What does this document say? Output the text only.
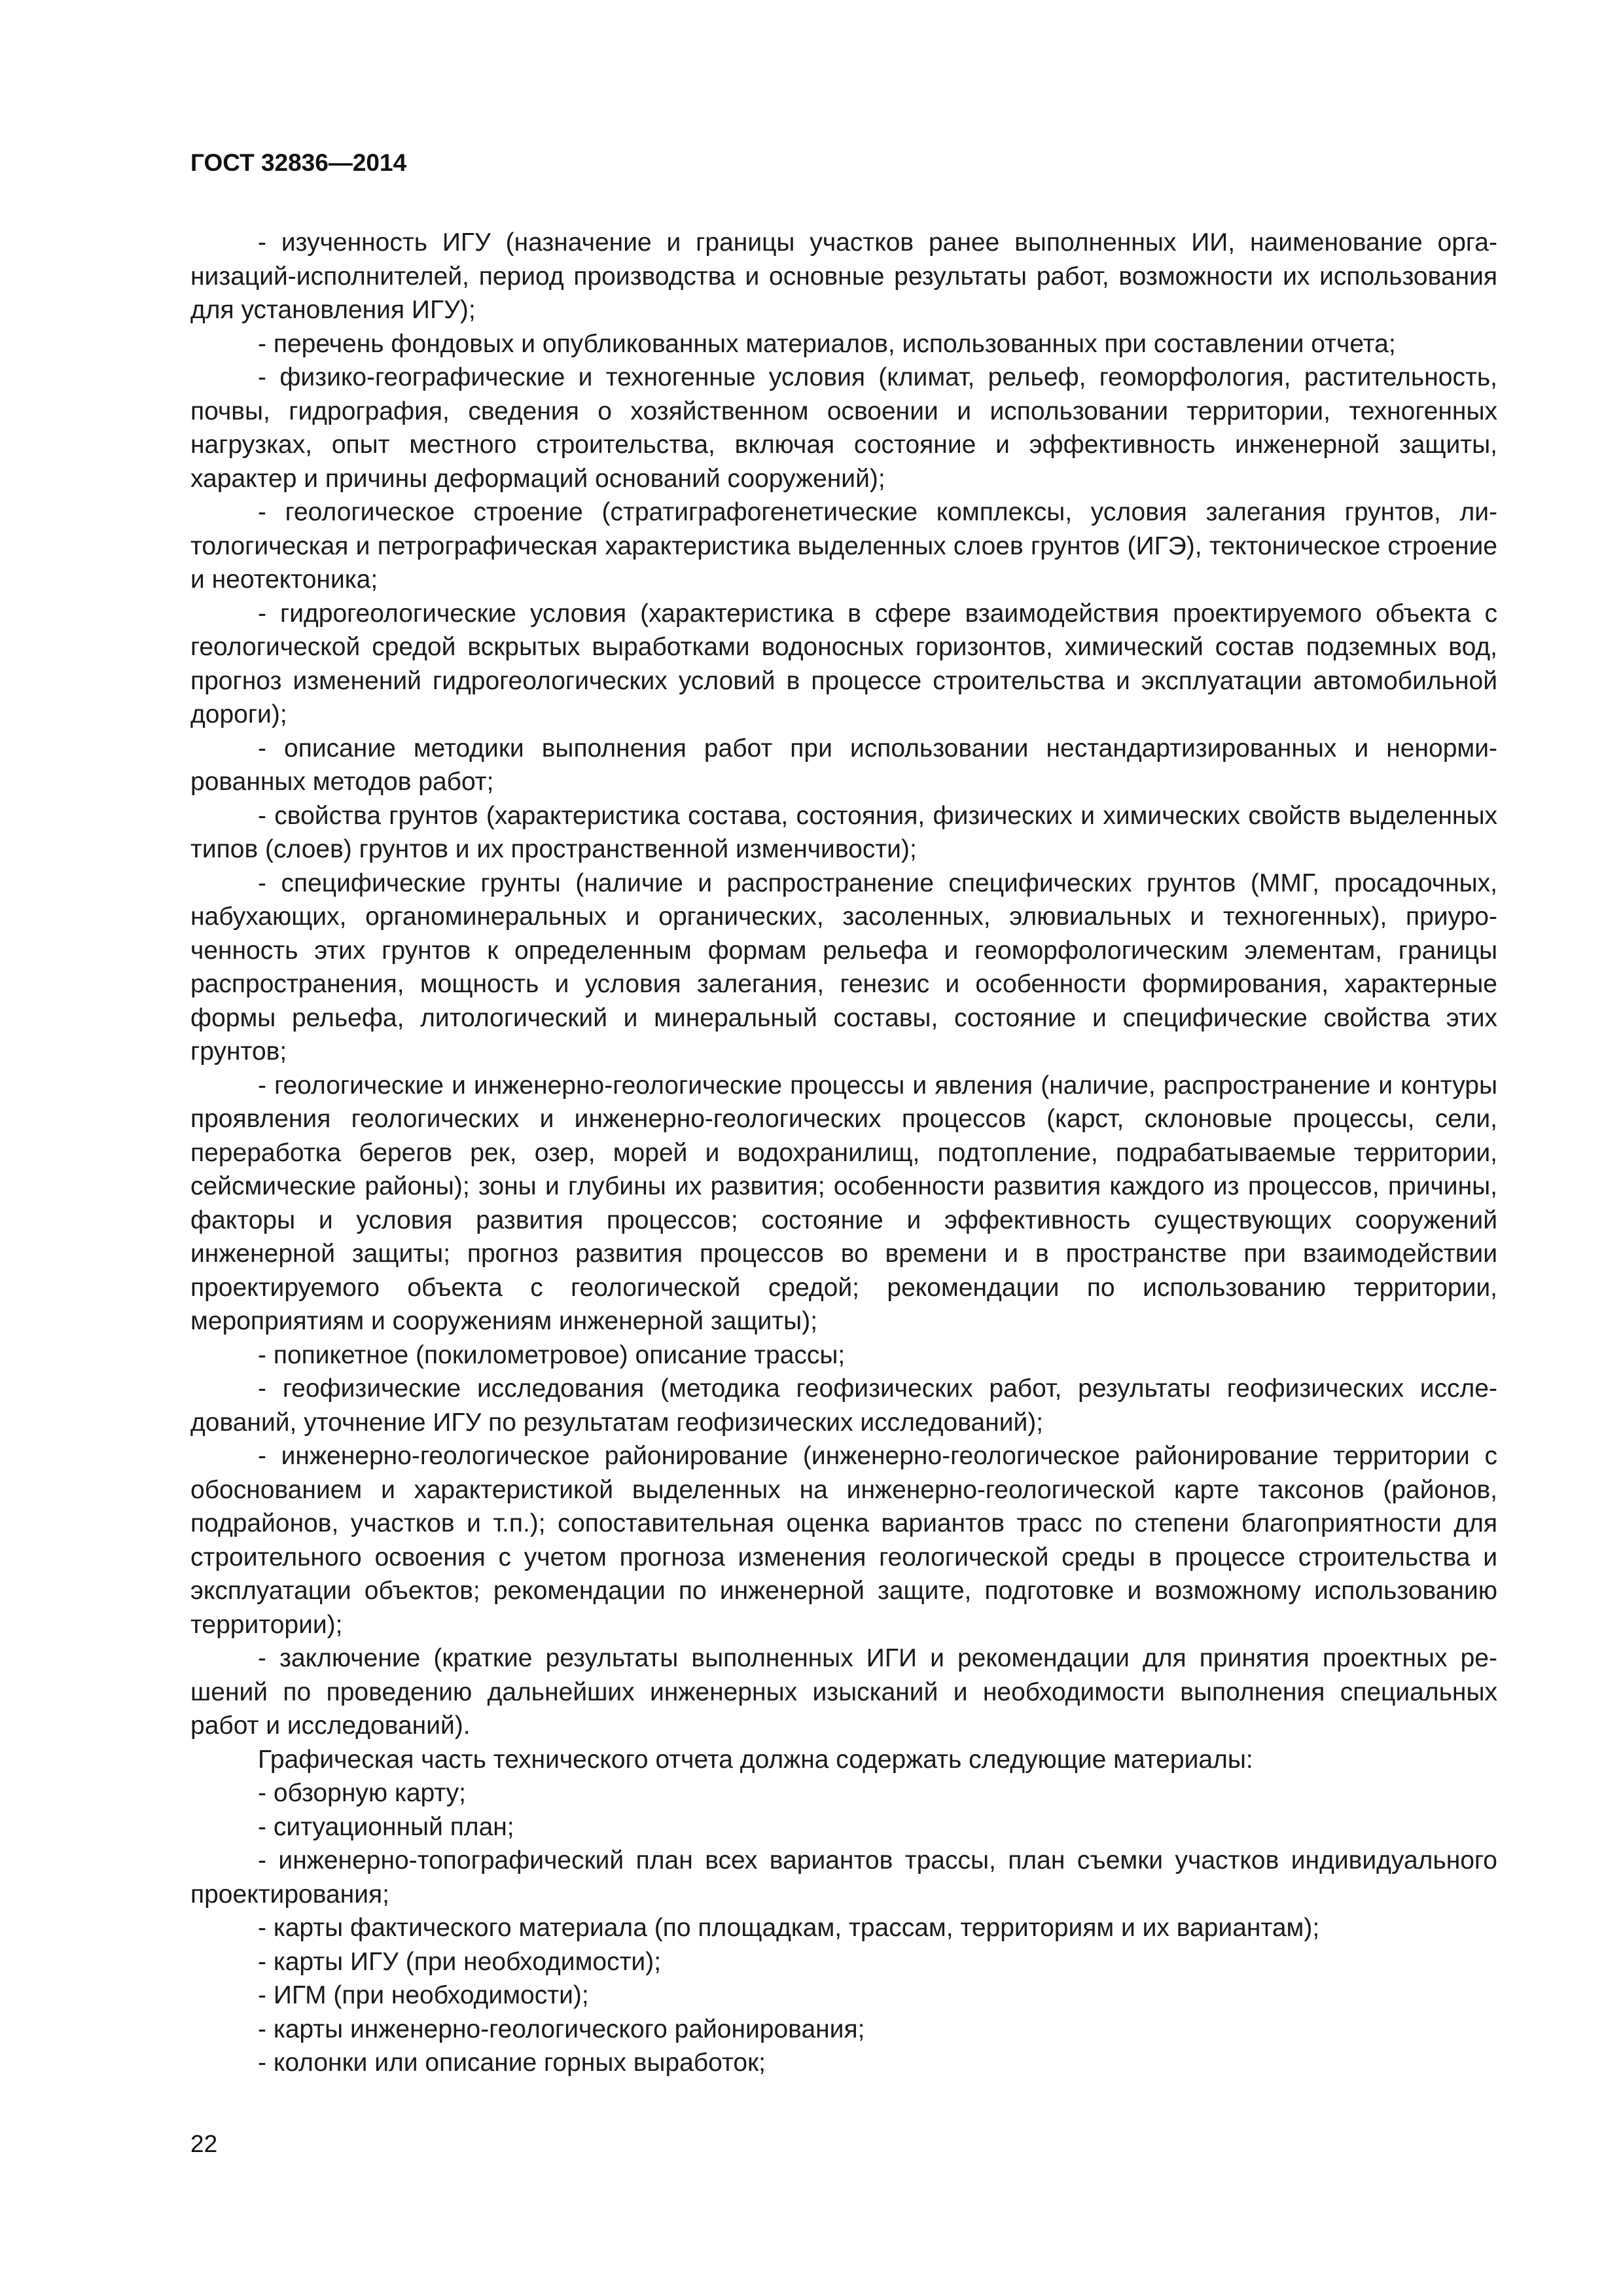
ГОСТ 32836—2014

- изученность ИГУ (назначение и границы участков ранее выполненных ИИ, наименование организаций-исполнителей, период производства и основные результаты работ, возможности их использования для установления ИГУ);

- перечень фондовых и опубликованных материалов, использованных при составлении отчета;

- физико-географические и техногенные условия (климат, рельеф, геоморфология, растительность, почвы, гидрография, сведения о хозяйственном освоении и использовании территории, техногенных нагрузках, опыт местного строительства, включая состояние и эффективность инженерной защиты, характер и причины деформаций оснований сооружений);

- геологическое строение (стратиграфогенетические комплексы, условия залегания грунтов, литологическая и петрографическая характеристика выделенных слоев грунтов (ИГЭ), тектоническое строение и неотектоника;

- гидрогеологические условия (характеристика в сфере взаимодействия проектируемого объекта с геологической средой вскрытых выработками водоносных горизонтов, химический состав подземных вод, прогноз изменений гидрогеологических условий в процессе строительства и эксплуатации автомобильной дороги);

- описание методики выполнения работ при использовании нестандартизированных и ненормированных методов работ;

- свойства грунтов (характеристика состава, состояния, физических и химических свойств выделенных типов (слоев) грунтов и их пространственной изменчивости);

- специфические грунты (наличие и распространение специфических грунтов (ММГ, просадочных, набухающих, органоминеральных и органических, засоленных, элювиальных и техногенных), приуроченность этих грунтов к определенным формам рельефа и геоморфологическим элементам, границы распространения, мощность и условия залегания, генезис и особенности формирования, характерные формы рельефа, литологический и минеральный составы, состояние и специфические свойства этих грунтов;

- геологические и инженерно-геологические процессы и явления (наличие, распространение и контуры проявления геологических и инженерно-геологических процессов (карст, склоновые процессы, сели, переработка берегов рек, озер, морей и водохранилищ, подтопление, подрабатываемые территории, сейсмические районы); зоны и глубины их развития; особенности развития каждого из процессов, причины, факторы и условия развития процессов; состояние и эффективность существующих сооружений инженерной защиты; прогноз развития процессов во времени и в пространстве при взаимодействии проектируемого объекта с геологической средой; рекомендации по использованию территории, мероприятиям и сооружениям инженерной защиты);

- попикетное (покилометровое) описание трассы;

- геофизические исследования (методика геофизических работ, результаты геофизических исследований, уточнение ИГУ по результатам геофизических исследований);

- инженерно-геологическое районирование (инженерно-геологическое районирование территории с обоснованием и характеристикой выделенных на инженерно-геологической карте таксонов (районов, подрайонов, участков и т.п.); сопоставительная оценка вариантов трасс по степени благоприятности для строительного освоения с учетом прогноза изменения геологической среды в процессе строительства и эксплуатации объектов; рекомендации по инженерной защите, подготовке и возможному использованию территории);

- заключение (краткие результаты выполненных ИГИ и рекомендации для принятия проектных решений по проведению дальнейших инженерных изысканий и необходимости выполнения специальных работ и исследований).

Графическая часть технического отчета должна содержать следующие материалы:

- обзорную карту;

- ситуационный план;

- инженерно-топографический план всех вариантов трассы, план съемки участков индивидуального проектирования;

- карты фактического материала (по площадкам, трассам, территориям и их вариантам);

- карты ИГУ (при необходимости);

- ИГМ (при необходимости);

- карты инженерно-геологического районирования;

- колонки или описание горных выработок;

22
